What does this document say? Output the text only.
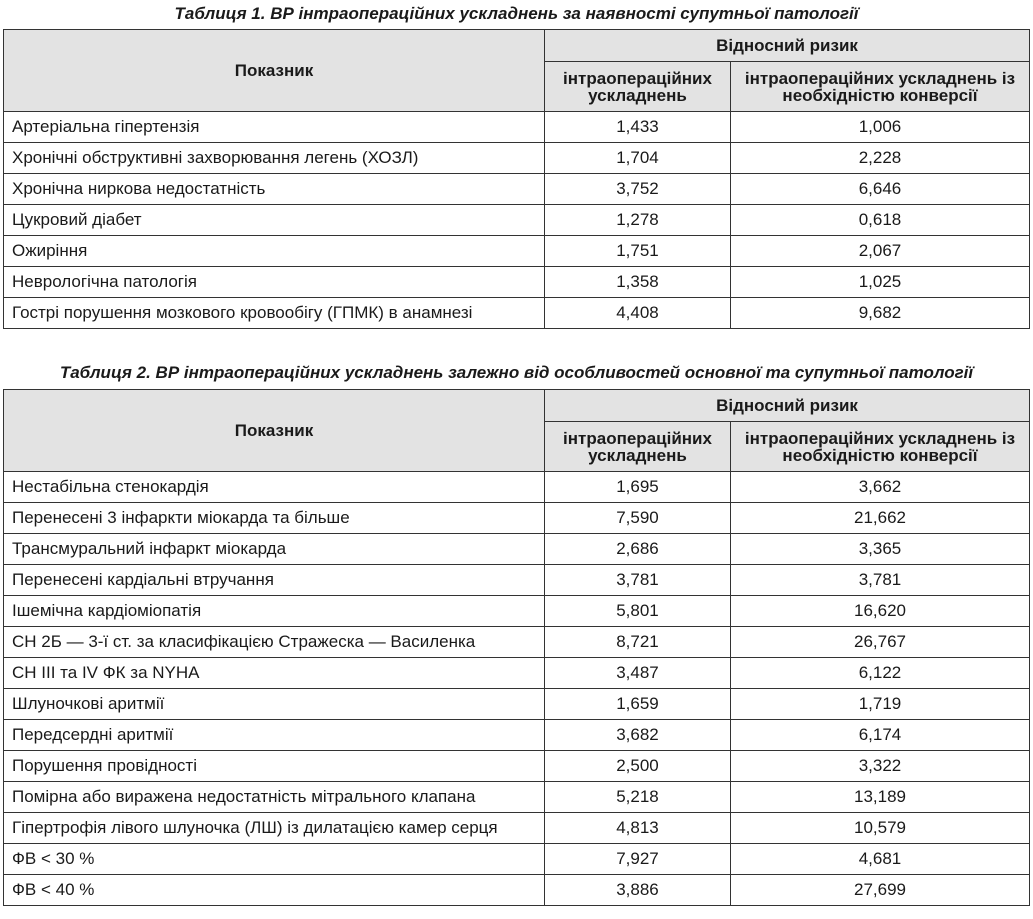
Таблиця 1. ВР інтраопераційних ускладнень за наявності супутньої патології
Показник	Відносний ризик	
	інтраопераційних ускладнень	інтраопераційних ускладнень із необхідністю конверсії
Артеріальна гіпертензія	1,433	1,006
Хронічні обструктивні захворювання легень (ХОЗЛ)	1,704	2,228
Хронічна ниркова недостатність	3,752	6,646
Цукровий діабет	1,278	0,618
Ожиріння	1,751	2,067
Неврологічна патологія	1,358	1,025
Гострі порушення мозкового кровообігу (ГПМК) в анамнезі	4,408	9,682
Таблиця 2. ВР інтраопераційних ускладнень залежно від особливостей основної та супутньої патології
Показник	Відносний ризик	
	інтраопераційних ускладнень	інтраопераційних ускладнень із необхідністю конверсії
Нестабільна стенокардія	1,695	3,662
Перенесені 3 інфаркти міокарда та більше	7,590	21,662
Трансмуральний інфаркт міокарда	2,686	3,365
Перенесені кардіальні втручання	3,781	3,781
Ішемічна кардіоміопатія	5,801	16,620
СН 2Б — 3-ї ст. за класифікацією Стражеска — Василенка	8,721	26,767
СН III та IV ФК за NYHA	3,487	6,122
Шлуночкові аритмії	1,659	1,719
Передсердні аритмії	3,682	6,174
Порушення провідності	2,500	3,322
Помірна або виражена недостатність мітрального клапана	5,218	13,189
Гіпертрофія лівого шлуночка (ЛШ) із дилатацією камер серця	4,813	10,579
ФВ < 30 %	7,927	4,681
ФВ < 40 %	3,886	27,699
